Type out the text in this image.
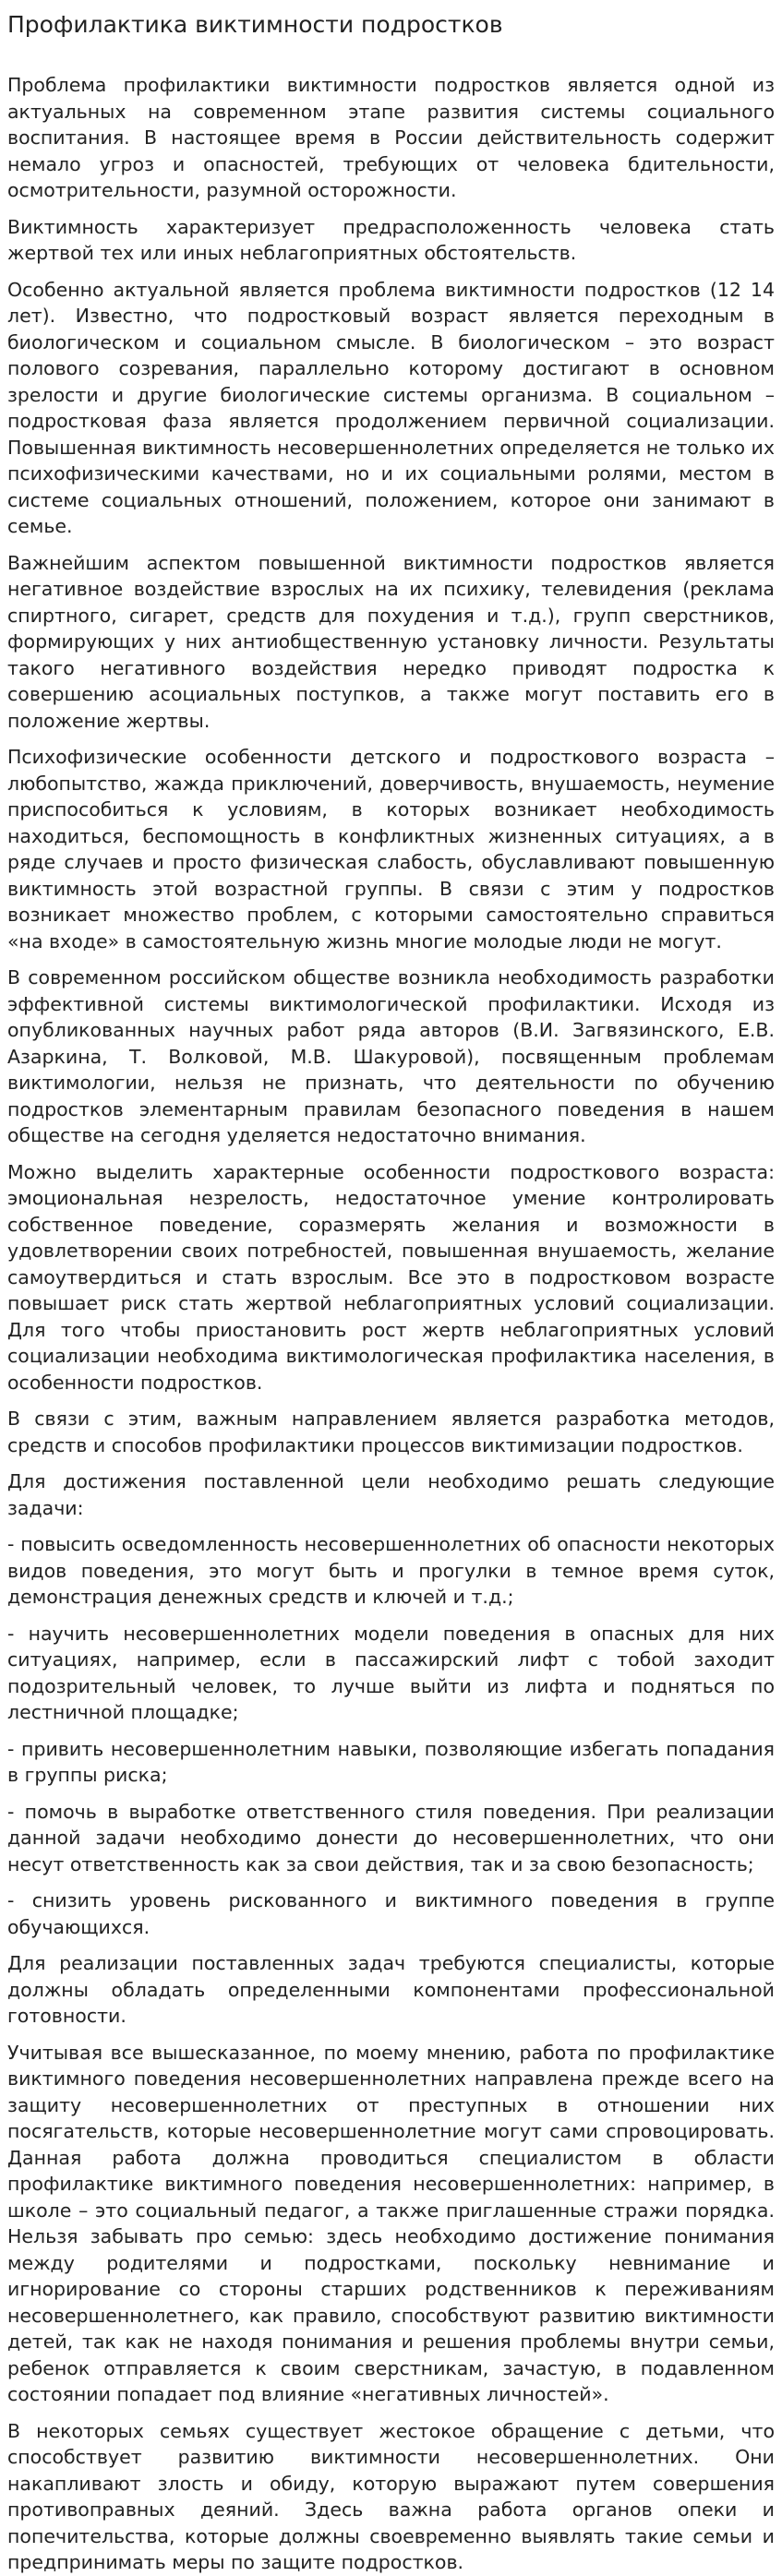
Профилактика виктимности подростков

Проблема профилактики виктимности подростков является одной из актуальных на современном этапе развития системы социального воспитания. В настоящее время в России действительность содержит немало угроз и опасностей, требующих от человека бдительности, осмотрительности, разумной осторожности.

Виктимность характеризует предрасположенность человека стать жертвой тех или иных неблагоприятных обстоятельств.

Особенно актуальной является проблема виктимности подростков (12 14 лет). Известно, что подростковый возраст является переходным в биологическом и социальном смысле. В биологическом – это возраст полового созревания, параллельно которому достигают в основном зрелости и другие биологические системы организма. В социальном – подростковая фаза является продолжением первичной социализации. Повышенная виктимность несовершеннолетних определяется не только их психофизическими качествами, но и их социальными ролями, местом в системе социальных отношений, положением, которое они занимают в семье.

Важнейшим аспектом повышенной виктимности подростков является негативное воздействие взрослых на их психику, телевидения (реклама спиртного, сигарет, средств для похудения и т.д.), групп сверстников, формирующих у них антиобщественную установку личности. Результаты такого негативного воздействия нередко приводят подростка к совершению асоциальных поступков, а также могут поставить его в положение жертвы.

Психофизические особенности детского и подросткового возраста – любопытство, жажда приключений, доверчивость, внушаемость, неумение приспособиться к условиям, в которых возникает необходимость находиться, беспомощность в конфликтных жизненных ситуациях, а в ряде случаев и просто физическая слабость, обуславливают повышенную виктимность этой возрастной группы. В связи с этим у подростков возникает множество проблем, с которыми самостоятельно справиться «на входе» в самостоятельную жизнь многие молодые люди не могут.

В современном российском обществе возникла необходимость разработки эффективной системы виктимологической профилактики. Исходя из опубликованных научных работ ряда авторов (В.И. Загвязинского, Е.В. Азаркина, Т. Волковой, М.В. Шакуровой), посвященным проблемам виктимологии, нельзя не признать, что деятельности по обучению подростков элементарным правилам безопасного поведения в нашем обществе на сегодня уделяется недостаточно внимания.

Можно выделить характерные особенности подросткового возраста: эмоциональная незрелость, недостаточное умение контролировать собственное поведение, соразмерять желания и возможности в удовлетворении своих потребностей, повышенная внушаемость, желание самоутвердиться и стать взрослым. Все это в подростковом возрасте повышает риск стать жертвой неблагоприятных условий социализации. Для того чтобы приостановить рост жертв неблагоприятных условий социализации необходима виктимологическая профилактика населения, в особенности подростков.

В связи с этим, важным направлением является разработка методов, средств и способов профилактики процессов виктимизации подростков.

Для достижения поставленной цели необходимо решать следующие задачи:

- повысить осведомленность несовершеннолетних об опасности некоторых видов поведения, это могут быть и прогулки в темное время суток, демонстрация денежных средств и ключей и т.д.;

- научить несовершеннолетних модели поведения в опасных для них ситуациях, например, если в пассажирский лифт с тобой заходит подозрительный человек, то лучше выйти из лифта и подняться по лестничной площадке;

- привить несовершеннолетним навыки, позволяющие избегать попадания в группы риска;

- помочь в выработке ответственного стиля поведения. При реализации данной задачи необходимо донести до несовершеннолетних, что они несут ответственность как за свои действия, так и за свою безопасность;

- снизить уровень рискованного и виктимного поведения в группе обучающихся.

Для реализации поставленных задач требуются специалисты, которые должны обладать определенными компонентами профессиональной готовности.

Учитывая все вышесказанное, по моему мнению, работа по профилактике виктимного поведения несовершеннолетних направлена прежде всего на защиту несовершеннолетних от преступных в отношении них посягательств, которые несовершеннолетние могут сами спровоцировать. Данная работа должна проводиться специалистом в области профилактике виктимного поведения несовершеннолетних: например, в школе – это социальный педагог, а также приглашенные стражи порядка. Нельзя забывать про семью: здесь необходимо достижение понимания между родителями и подростками, поскольку невнимание и игнорирование со стороны старших родственников к переживаниям несовершеннолетнего, как правило, способствуют развитию виктимности детей, так как не находя понимания и решения проблемы внутри семьи, ребенок отправляется к своим сверстникам, зачастую, в подавленном состоянии попадает под влияние «негативных личностей».

В некоторых семьях существует жестокое обращение с детьми, что способствует развитию виктимности несовершеннолетних. Они накапливают злость и обиду, которую выражают путем совершения противоправных деяний. Здесь важна работа органов опеки и попечительства, которые должны своевременно выявлять такие семьи и предпринимать меры по защите подростков.
